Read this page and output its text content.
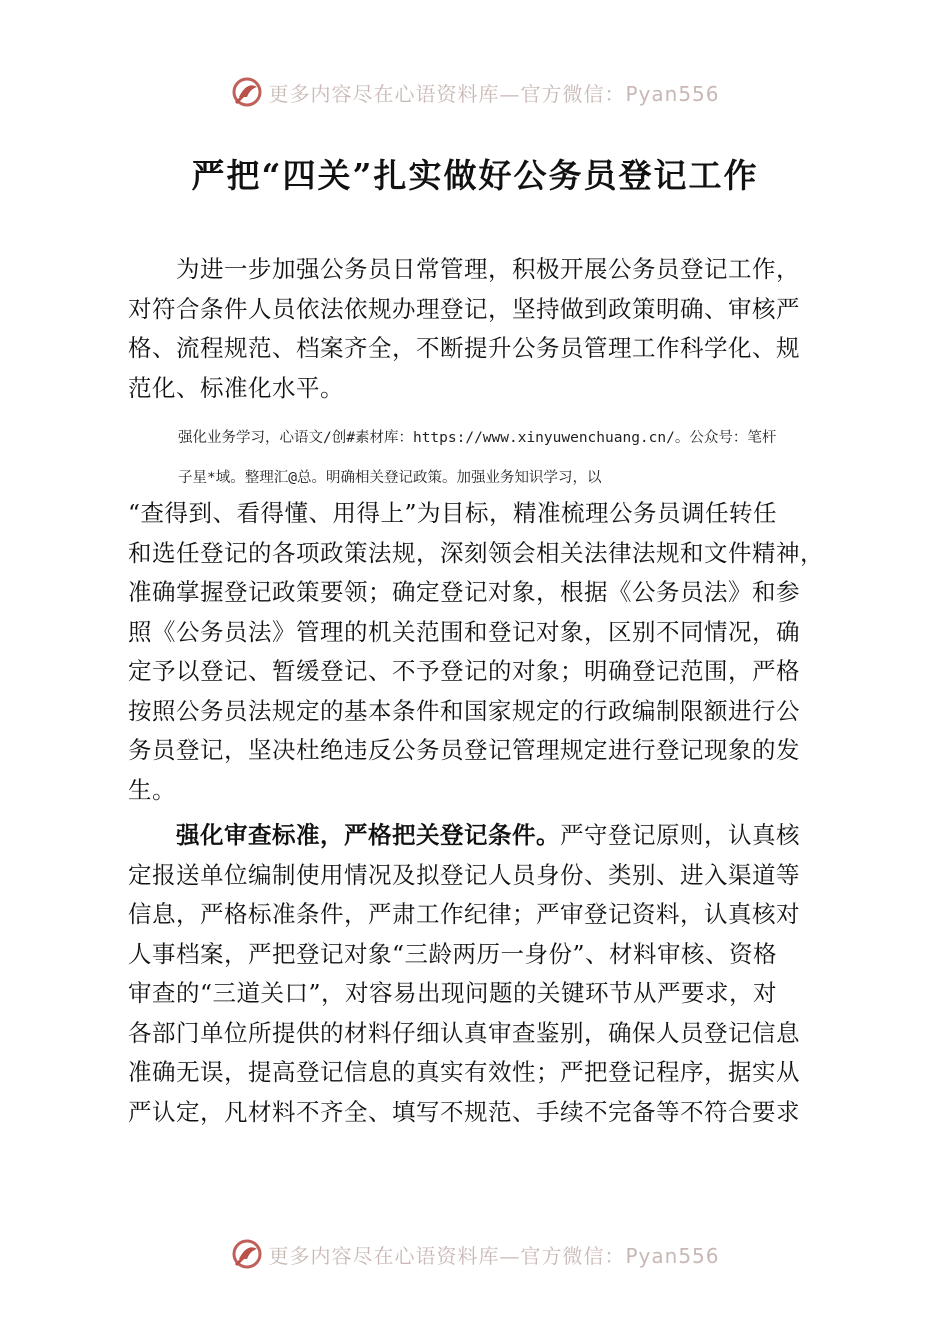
更多内容尽在心语资料库—官方微信：Pyan556
严把“四关”扎实做好公务员登记工作

　　为进一步加强公务员日常管理，积极开展公务员登记工作，

对符合条件人员依法依规办理登记，坚持做到政策明确、审核严

格、流程规范、档案齐全，不断提升公务员管理工作科学化、规

范化、标准化水平。

强化业务学习，心语文/创#素材库：https://www.xinyuwenchuang.cn/。公众号：笔杆

子星*域。整理汇@总。明确相关登记政策。加强业务知识学习，以

“查得到、看得懂、用得上”为目标，精准梳理公务员调任转任

和选任登记的各项政策法规，深刻领会相关法律法规和文件精神，

准确掌握登记政策要领；确定登记对象，根据《公务员法》和参

照《公务员法》管理的机关范围和登记对象，区别不同情况，确

定予以登记、暂缓登记、不予登记的对象；明确登记范围，严格

按照公务员法规定的基本条件和国家规定的行政编制限额进行公

务员登记，坚决杜绝违反公务员登记管理规定进行登记现象的发

生。

　　强化审查标准，严格把关登记条件。严守登记原则，认真核

定报送单位编制使用情况及拟登记人员身份、类别、进入渠道等

信息，严格标准条件，严肃工作纪律；严审登记资料，认真核对

人事档案，严把登记对象“三龄两历一身份”、材料审核、资格

审查的“三道关口”，对容易出现问题的关键环节从严要求，对

各部门单位所提供的材料仔细认真审查鉴别，确保人员登记信息

准确无误，提高登记信息的真实有效性；严把登记程序，据实从

严认定，凡材料不齐全、填写不规范、手续不完备等不符合要求

更多内容尽在心语资料库—官方微信：Pyan556
